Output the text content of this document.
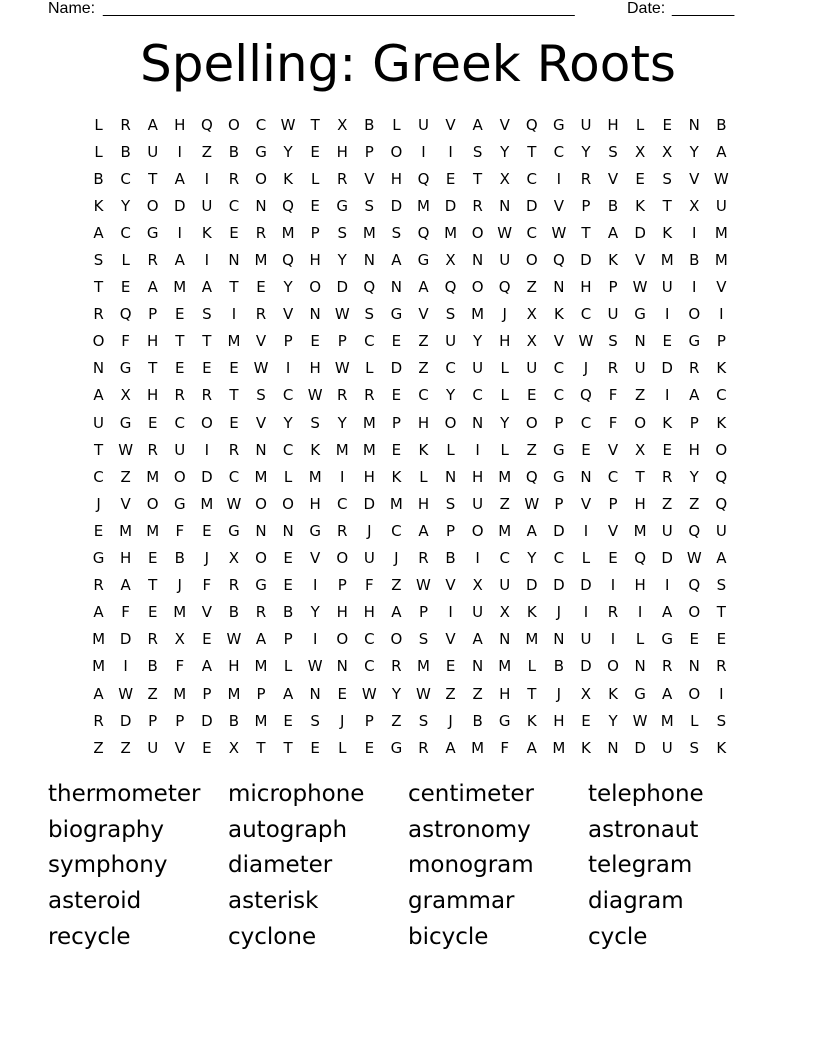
Name:

_____________________________________________________

	Date:

_______

Spelling: Greek Roots
L	R	A	H	Q	O	C W	T	X	B	L	U	V	A	V	Q	G	U	H	L	E	N	B
L	B	U	I	Z	B	G	Y	E	H	P	O	I	I	S	Y	T	C	Y	S	X	X	Y	A
B	C	T	A	I	R	O	K	L	R	V	H	Q	E	T	X	C	I	R	V	E	S	V W
K	Y	O	D	U	C	N	Q	E	G	S	D M D	R	N	D	V	P	B	K	T	X	U
A	C	G	I	K	E	R	M	P	S	M	S	Q M O W C W	T	A	D	K	I	M
S	L	R	A	I	N M Q	H	Y	N	A	G	X	N	U	O	Q	D	K	V	M	B	M
T	E	A	M	A	T	E	Y	O	D	Q	N	A	Q	O	Q	Z	N	H	P	W U	I	V
R	Q	P	E	S	I	R	V	N W S	G	V	S	M	J	X	K	C	U	G	I	O	I
O	F	H	T	T	M	V	P	E	P	C	E	Z	U	Y	H	X	V W S	N	E	G	P
N	G	T	E	E	E W	I	H W	L	D	Z	C	U	L	U	C	J	R	U	D	R	K
A	X	H	R	R	T	S	C W R	R	E	C	Y	C	L	E	C	Q	F	Z	I	A	C
U	G	E	C	O	E	V	Y	S	Y	M	P	H	O	N	Y	O	P	C	F	O	K	P	K
T	W R	U	I	R	N	C	K	M M	E	K	L	I	L	Z	G	E	V	X	E	H	O
C	Z	M O	D	C	M	L	M	I	H	K	L	N	H M Q	G	N	C	T	R	Y	Q
J	V	O	G M W O	O	H	C	D M H	S	U	Z W	P	V	P	H	Z	Z	Q
E	M M	F	E	G	N	N	G	R	J	C	A	P	O M	A	D	I	V	M	U	Q	U
G	H	E	B	J	X	O	E	V	O	U	J	R	B	I	C	Y	C	L	E	Q	D W A
R	A	T	J	F	R	G	E	I	P	F	Z W V	X	U	D	D	D	I	H	I	Q	S
A	F	E	M	V	B	R	B	Y	H	H	A	P	I	U	X	K	J	I	R	I	A	O	T
M D	R	X	E W A	P	I	O	C	O	S	V	A	N M N	U	I	L	G	E	E
M	I	B	F	A	H M	L	W N	C	R	M	E	N M	L	B	D	O	N	R	N	R
A W Z	M	P	M	P	A	N	E W	Y	W Z	Z	H	T	J	X	K	G	A	O	I
R	D	P	P	D	B	M	E	S	J	P	Z	S	J	B	G	K	H	E	Y	W M	L	S
Z	Z	U	V	E	X	T	T	E	L	E	G	R	A	M	F	A	M	K	N	D	U	S	K
thermometer	microphone	centimeter	telephone
biography	autograph	astronomy	astronaut
symphony	diameter	monogram	telegram
asteroid	asterisk	grammar	diagram
recycle	cyclone	bicycle	cycle
